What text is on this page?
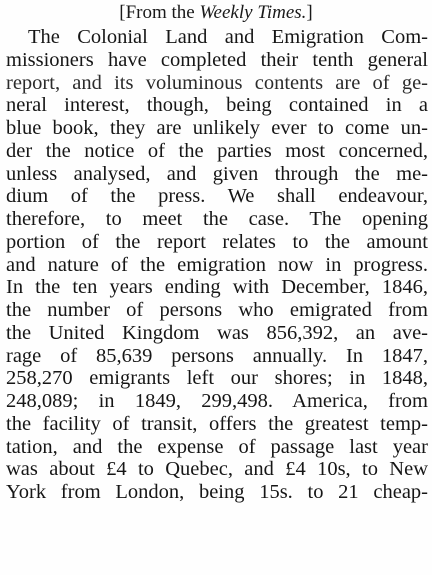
[From the Weekly Times.]
The Colonial Land and Emigration Com-
missioners have completed their tenth general
report, and its voluminous contents are of ge-
neral interest, though, being contained in a
blue book, they are unlikely ever to come un-
der the notice of the parties most concerned,
unless analysed, and given through the me-
dium of the press. We shall endeavour,
therefore, to meet the case. The opening
portion of the report relates to the amount
and nature of the emigration now in progress.
In the ten years ending with December, 1846,
the number of persons who emigrated from
the United Kingdom was 856,392, an ave-
rage of 85,639 persons annually. In 1847,
258,270 emigrants left our shores; in 1848,
248,089; in 1849, 299,498. America, from
the facility of transit, offers the greatest temp-
tation, and the expense of passage last year
was about £4 to Quebec, and £4 10s, to New
York from London, being 15s. to 21 cheap-
